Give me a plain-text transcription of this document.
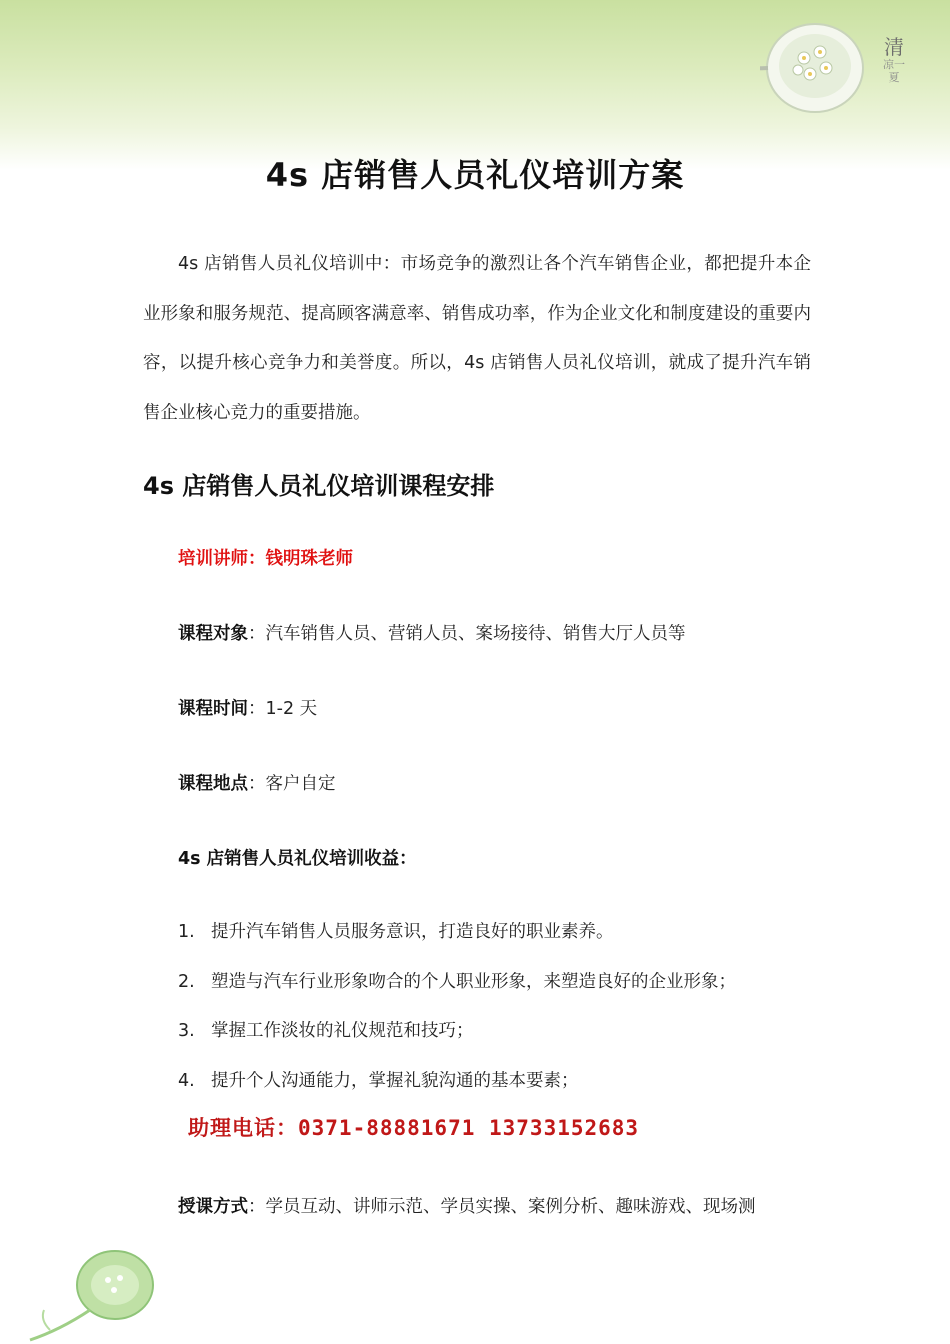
清
凉一夏
4s 店销售人员礼仪培训方案

4s 店销售人员礼仪培训中：市场竞争的激烈让各个汽车销售企业，都把提升本企业形象和服务规范、提高顾客满意率、销售成功率，作为企业文化和制度建设的重要内容，以提升核心竞争力和美誉度。所以，4s 店销售人员礼仪培训，就成了提升汽车销售企业核心竞力的重要措施。

4s 店销售人员礼仪培训课程安排
培训讲师：钱明珠老师
课程对象：汽车销售人员、营销人员、案场接待、销售大厅人员等
课程时间：1-2 天
课程地点：客户自定
4s 店销售人员礼仪培训收益：
1. 提升汽车销售人员服务意识，打造良好的职业素养。
2. 塑造与汽车行业形象吻合的个人职业形象，来塑造良好的企业形象；
3. 掌握工作淡妆的礼仪规范和技巧；
4. 提升个人沟通能力，掌握礼貌沟通的基本要素；
助理电话：0371-88881671 13733152683
授课方式：学员互动、讲师示范、学员实操、案例分析、趣味游戏、现场测
